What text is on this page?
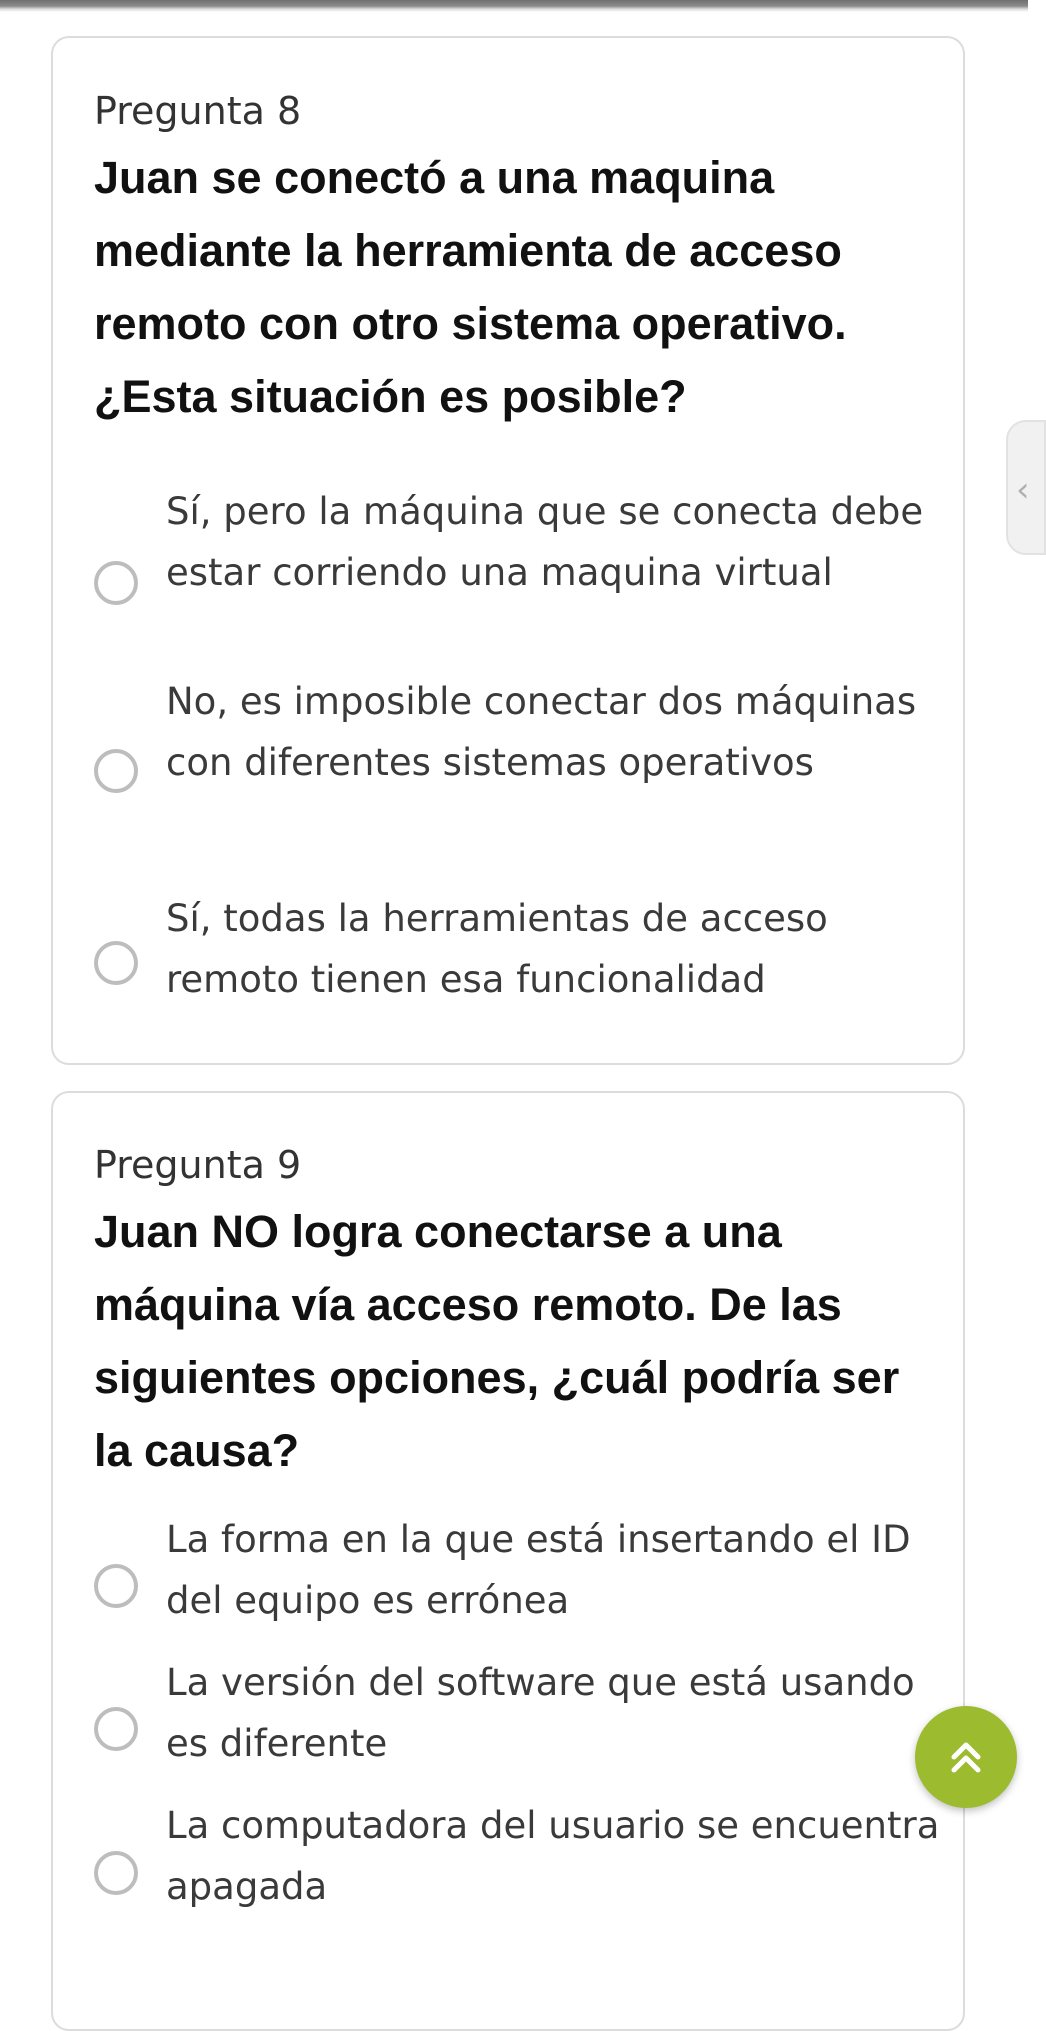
Pregunta 8
Juan se conectó a una maquina mediante la herramienta de acceso remoto con otro sistema operativo. ¿Esta situación es posible?
Sí, pero la máquina que se conecta debe estar corriendo una maquina virtual
No, es imposible conectar dos máquinas con diferentes sistemas operativos
Sí, todas la herramientas de acceso remoto tienen esa funcionalidad
Pregunta 9
Juan NO logra conectarse a una máquina vía acceso remoto. De las siguientes opciones, ¿cuál podría ser la causa?
La forma en la que está insertando el ID del equipo es errónea
La versión del software que está usando es diferente
La computadora del usuario se encuentra apagada
‹
